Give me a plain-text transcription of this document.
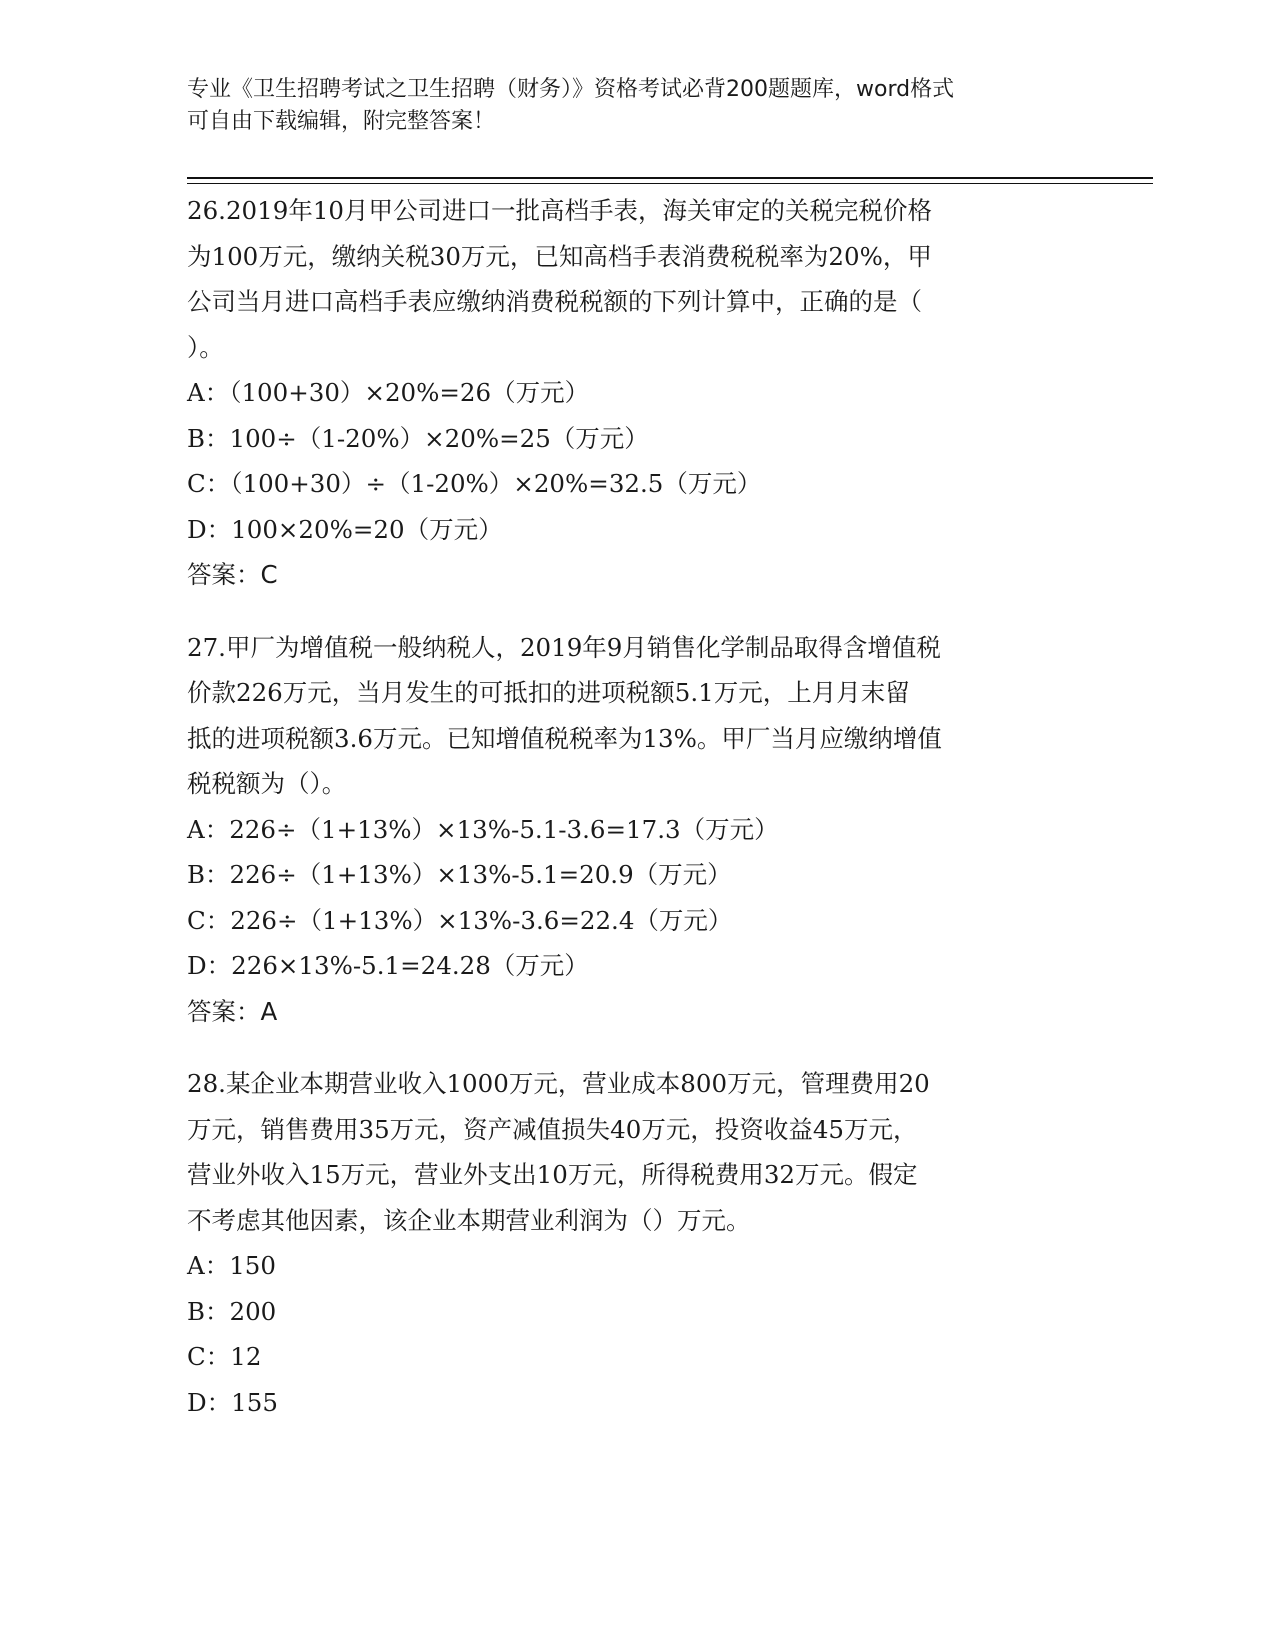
专业《卫生招聘考试之卫生招聘（财务）》资格考试必背200题题库，word格式
可自由下载编辑，附完整答案！

26.2019年10月甲公司进口一批高档手表，海关审定的关税完税价格

为100万元，缴纳关税30万元，已知高档手表消费税税率为20%，甲

公司当月进口高档手表应缴纳消费税税额的下列计算中，正确的是（

）。

A：（100+30）×20%=26（万元）

B：100÷（1-20%）×20%=25（万元）

C：（100+30）÷（1-20%）×20%=32.5（万元）

D：100×20%=20（万元）

答案：C

27.甲厂为增值税一般纳税人，2019年9月销售化学制品取得含增值税

价款226万元，当月发生的可抵扣的进项税额5.1万元，上月月末留

抵的进项税额3.6万元。已知增值税税率为13%。甲厂当月应缴纳增值

税税额为（）。

A：226÷（1+13%）×13%-5.1-3.6=17.3（万元）

B：226÷（1+13%）×13%-5.1=20.9（万元）

C：226÷（1+13%）×13%-3.6=22.4（万元）

D：226×13%-5.1=24.28（万元）

答案：A

28.某企业本期营业收入1000万元，营业成本800万元，管理费用20

万元，销售费用35万元，资产减值损失40万元，投资收益45万元，

营业外收入15万元，营业外支出10万元，所得税费用32万元。假定

不考虑其他因素，该企业本期营业利润为（）万元。

A：150

B：200

C：12

D：155
